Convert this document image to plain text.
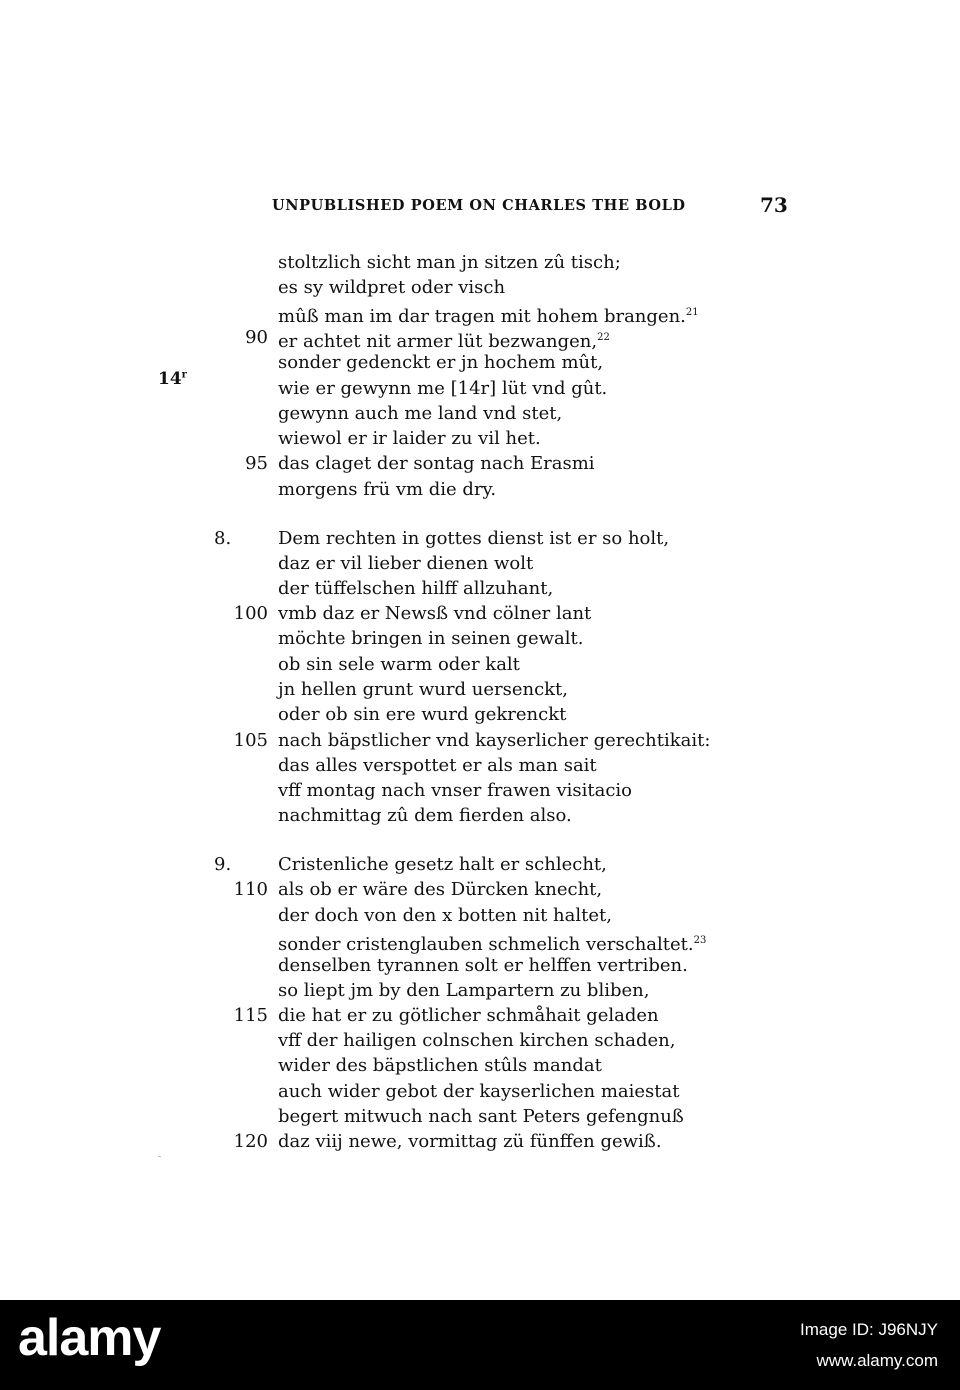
UNPUBLISHED POEM ON CHARLES THE BOLD	73
14$^r$
stoltzlich sicht man jn sitzen zû tisch;
es sy wildpret oder visch
mûß man im dar tragen mit hohem brangen.$^{21}$
er achtet nit armer lüt bezwangen,$^{22}$
90
sonder gedenckt er jn hochem mût,
wie er gewynn me [14r] lüt vnd gût.
gewynn auch me land vnd stet,
wiewol er ir laider zu vil het.
das claget der sontag nach Erasmi
95
morgens frü vm die dry.
Dem rechten in gottes dienst ist er so holt,
8.
daz er vil lieber dienen wolt
der tüffelschen hilff allzuhant,
vmb daz er Newsß vnd cölner lant
100
möchte bringen in seinen gewalt.
ob sin sele warm oder kalt
jn hellen grunt wurd uersenckt,
oder ob sin ere wurd gekrenckt
nach bäpstlicher vnd kayserlicher gerechtikait:
105
das alles verspottet er als man sait
vff montag nach vnser frawen visitacio
nachmittag zû dem fierden also.
Cristenliche gesetz halt er schlecht,
9.
als ob er wäre des Dürcken knecht,
110
der doch von den x botten nit haltet,
sonder cristenglauben schmelich verschaltet.$^{23}$
denselben tyrannen solt er helffen vertriben.
so liept jm by den Lampartern zu bliben,
die hat er zu götlicher schmåhait geladen
115
vff der hailigen colnschen kirchen schaden,
wider des bäpstlichen stûls mandat
auch wider gebot der kayserlichen maiestat
begert mitwuch nach sant Peters gefengnuß
daz viij newe, vormittag zü fünffen gewiß.
120
alamy	Image ID: J96NJY
www.alamy.com
